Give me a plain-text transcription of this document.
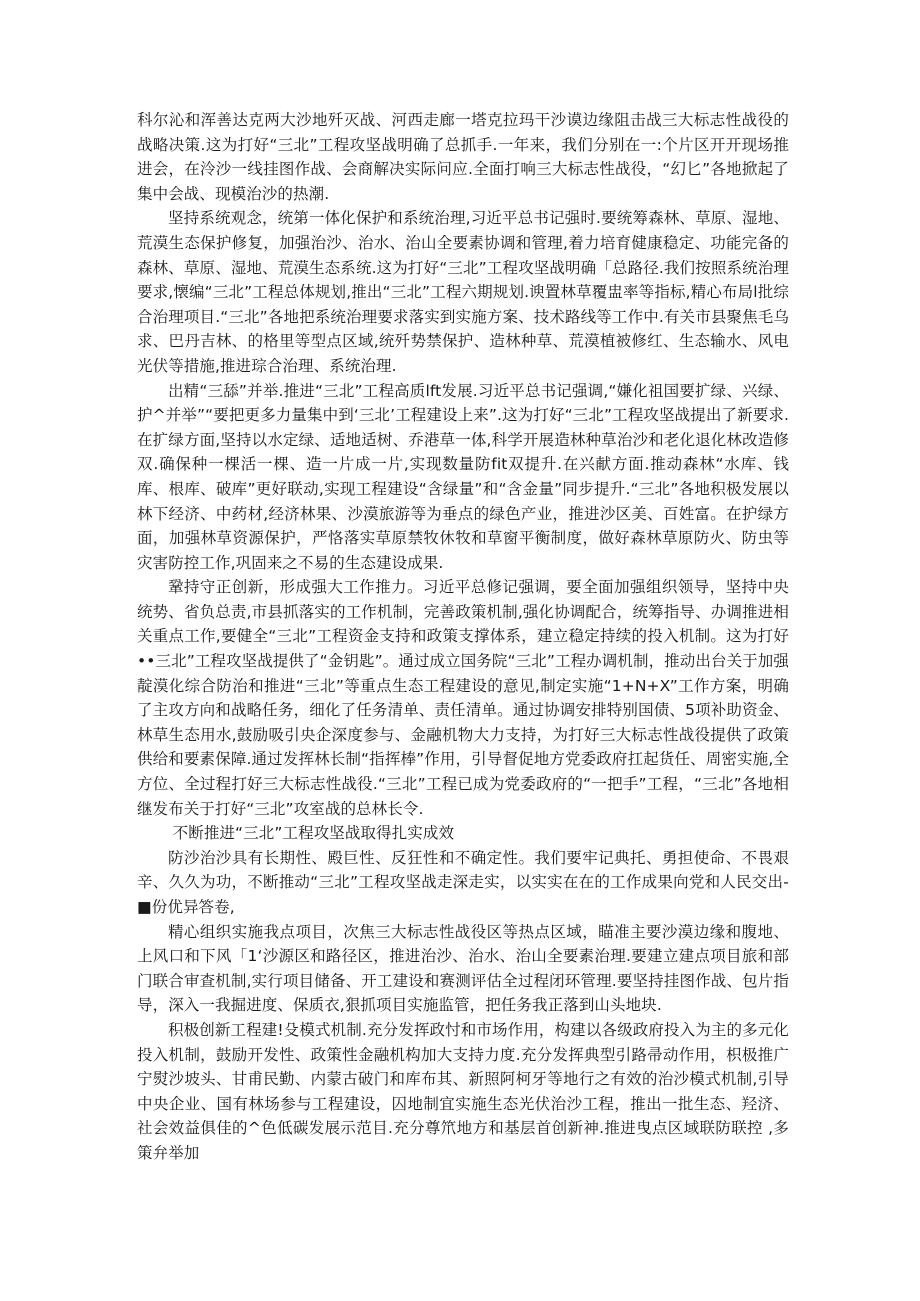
科尔沁和浑善达克两大沙地歼灭战、河西走廊一塔克拉玛干沙谟边缘阻击战三大标志性战役的战略决策.这为打好“三北”工程攻坚战明确了总抓手.一年来，我们分别在一:个片区开开现场推进会，在泠沙一线挂图作战、会商解决实际问应.全面打响三大标志性战役，“幻匕”各地掀起了集中会战、现模治沙的热潮.

坚持系统观念，统第一体化保护和系统治理,习近平总书记强时.要统筹森林、草原、湿地、荒漠生态保护修复，加强治沙、治水、治山全要素协调和管理,着力培育健康稳定、功能完备的森林、草原、湿地、荒漠生态系统.这为打好“三北”工程攻坚战明确「总路径.我们按照系统治理要求,懐编“三北”工程总体规划,推出“三北”工程六期规划.谀置林草覆盅率等指标,精心布局l批综合治理项目.“三北”各地把系统治理要求落实到实施方案、技术路线等工作中.有关市县聚焦毛乌求、巴丹吉林、的格里等型点区域,统歼势禁保护、造林种草、荒漠植被修红、生态输水、风电光伏等措施,推进琮合治理、系统治理.

岀精“三舔”并举.推进“三北”工程高质lft发展.习近平总书记强调,“嫌化祖国要扩绿、兴绿、护^并举”“要把更多力量集中到‘三北’工程建设上来”.这为打好“三北”工程攻坚战提出了新要求.在扩绿方面,坚持以水定绿、适地适树、乔港草一体,科学开展造林种草治沙和老化退化林改造修双.确保种一棵活一棵、造一片成一片,实现数量防fit双提升.在兴献方面.推动森林“水库、钱库、根库、破库”更好联动,实现工程建设“含绿量”和“含金量”同步提升.“三北”各地积极发展以林下经济、中药材,经济林果、沙漠旅游等为垂点的绿色产业，推进沙区美、百姓富。在护绿方面，加强林草资源保护，严恪落实草原禁牧休牧和草窗平衡制度，做好森林草原防火、防虫等灾害防控工作,巩固来之不易的生态建设成果.

鞏持守正创新，形成强大工作推力。习近平总修记强调，要全面加强组织领导，坚持中央统势、省负总责,市县抓落实的工作机制，完善政策机制,强化协调配合，统筹指导、办调推进相关重点工作,要健全“三北”工程资金支持和政策支撑体系，建立稳定持续的投入机制。这为打好••三北”工程攻坚战提供了“金钥匙”。通过成立国务院“三北”工程办调机制，推动出台关于加强靛漠化综合防治和推进“三北”等重点生态工程建设的意见,制定实施“1+N+X”工作方案，明确了主攻方向和战略任务，细化了任务清单、责任清单。通过协调安排特别国债、5项补助资金、林草生态用水,鼓励吸引央企深度参与、金融机物大力支持，为打好三大标志性战役提供了政策供给和要素保障.通过发挥林长制“指挥棒”作用，引导督促地方党委政府扛起货任、周密实施,全方位、全过程打好三大标志性战役.“三北”工程已成为党委政府的“一把手”工程，“三北”各地相继发布关于打好“三北”攻室战的总林长令.

不断推进“三北”工程攻坚战取得扎实成效

防沙治沙具有长期性、殿巨性、反狂性和不确定性。我们要牢记典托、勇担使命、不畏艰辛、久久为功，不断推动“三北”工程攻坚战走深走实，以实实在在的工作成果向党和人民交出-■份优异答卷,

精心组织实施我点项目，次焦三大标志性战役区等热点区域，瞄准主要沙漠边缘和腹地、上风口和下风「1‘沙源区和路径区，推进治沙、治水、治山全要素治理.要建立建点项目旅和部门联合审查机制,实行项目储备、开工建设和赛测评估全过程闭环管理.要坚持挂图作战、包片指导，深入一我掘进度、保质衣,狠抓项目实施监管，把任务我正落到山头地块.

积极创新工程建!殳模式机制.充分发挥政忖和市场作用，构建以各级政府投入为主的多元化投入机制，鼓励开发性、政策性金融机构加大支持力度.充分发挥典型引路帚动作用，枳极推广宁熨沙坡头、甘甫民勤、内蒙古破门和库布其、新照阿柯牙等地行之有效的治沙模式机制,引导中央企业、国有林场参与工程建设，囚地制宜实施生态光伏治沙工程，推出一批生态、羟济、社会效益俱佳的^色低碳发展示范目.充分尊笊地方和基层首创新神.推进曳点区域联防联控 ,多策弁举加
